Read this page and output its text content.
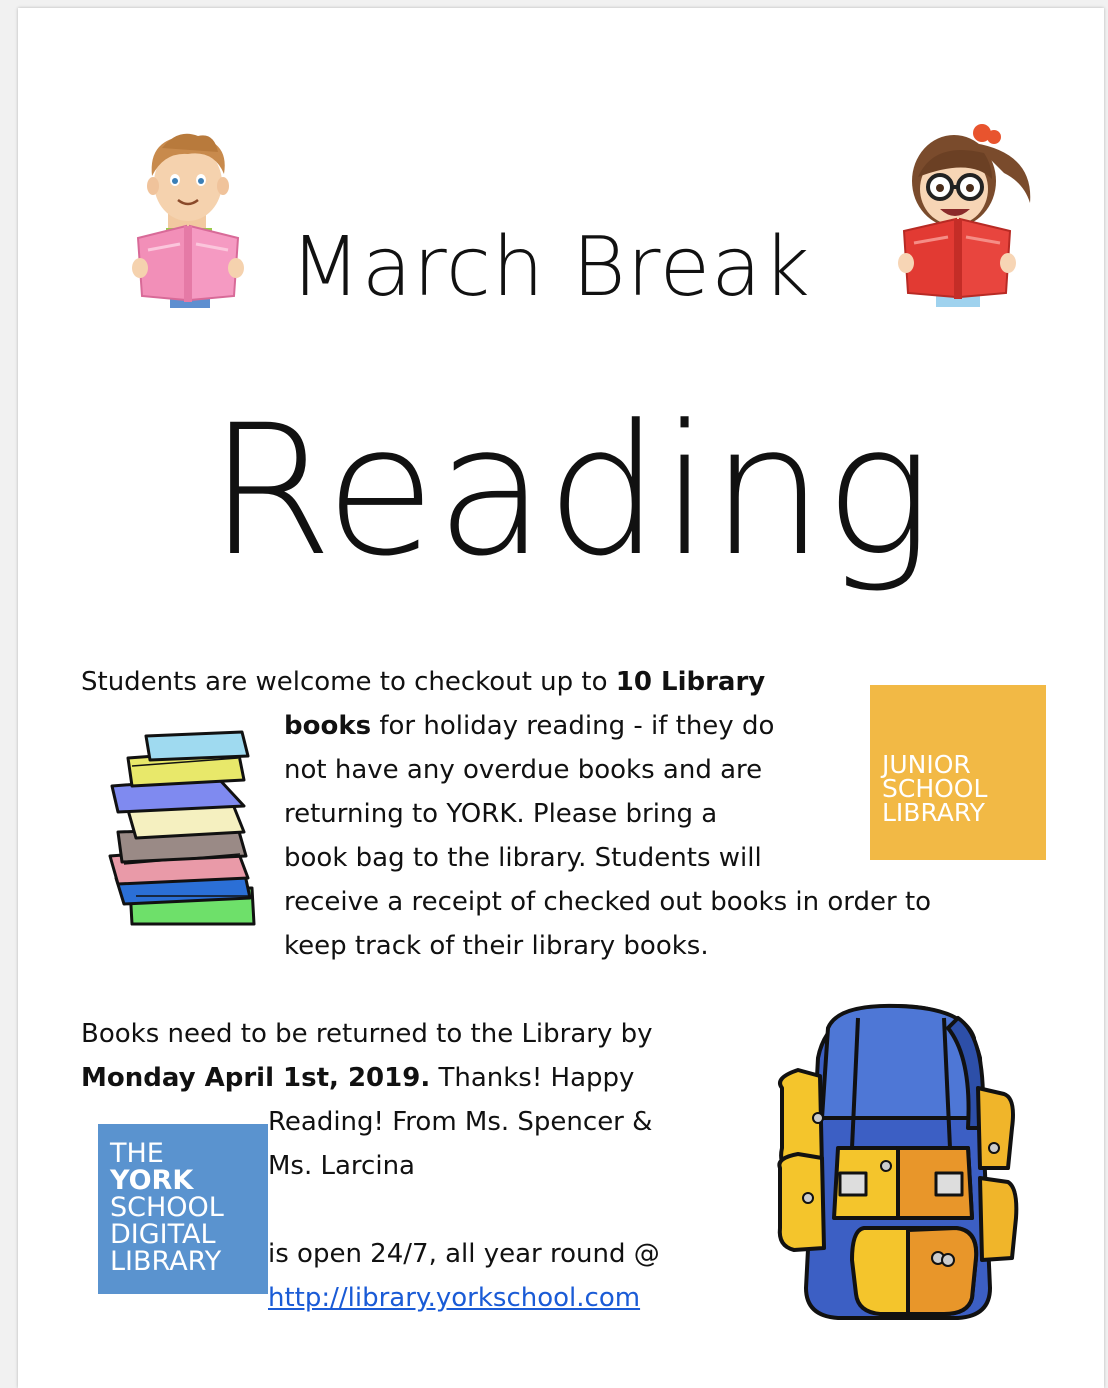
March Break
Reading
Students are welcome to checkout up to 10 Library
books for holiday reading - if they do
not have any overdue books and are
returning to YORK. Please bring a
book bag to the library. Students will
receive a receipt of checked out books in order to
keep track of their library books.
JUNIOR
SCHOOL
LIBRARY
Books need to be returned to the Library by
Monday April 1st, 2019. Thanks! Happy
Reading! From Ms. Spencer &
Ms. Larcina
is open 24/7, all year round @
http://library.yorkschool.com
THE
YORK
SCHOOL
DIGITAL
LIBRARY
